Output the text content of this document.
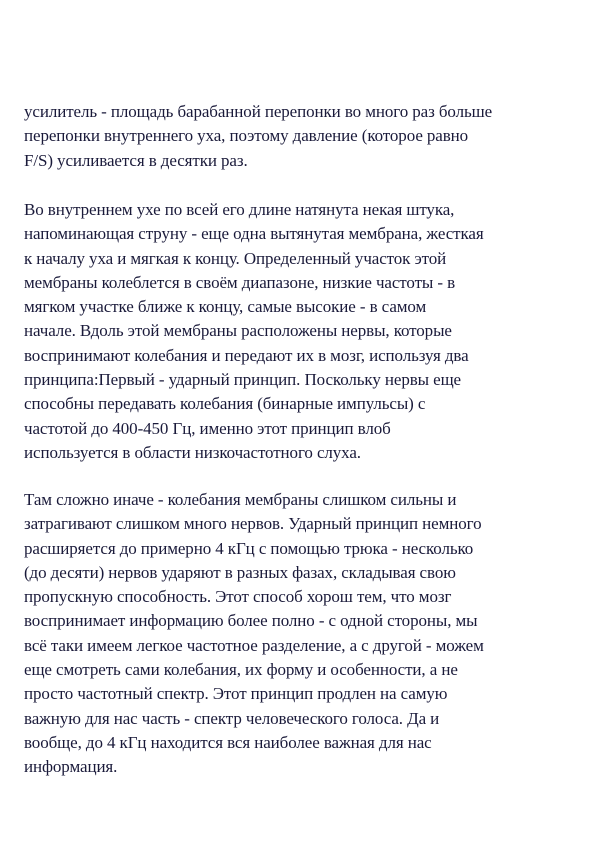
усилитель - площадь барабанной перепонки во много раз больше
перепонки внутреннего уха, поэтому давление (которое равно
F/S) усиливается в десятки раз.
Во внутреннем ухе по всей его длине натянута некая штука,
напоминающая струну - еще одна вытянутая мембрана, жесткая
к началу уха и мягкая к концу. Определенный участок этой
мембраны колеблется в своём диапазоне, низкие частоты - в
мягком участке ближе к концу, самые высокие - в самом
начале. Вдоль этой мембраны расположены нервы, которые
воспринимают колебания и передают их в мозг, используя два
принципа:Первый - ударный принцип. Поскольку нервы еще
способны передавать колебания (бинарные импульсы) с
частотой до 400-450 Гц, именно этот принцип влоб
используется в области низкочастотного слуха.
Там сложно иначе - колебания мембраны слишком сильны и
затрагивают слишком много нервов. Ударный принцип немного
расширяется до примерно 4 кГц с помощью трюка - несколько
(до десяти) нервов ударяют в разных фазах, складывая свою
пропускную способность. Этот способ хорош тем, что мозг
воспринимает информацию более полно - с одной стороны, мы
всё таки имеем легкое частотное разделение, а с другой - можем
еще смотреть сами колебания, их форму и особенности, а не
просто частотный спектр. Этот принцип продлен на самую
важную для нас часть - спектр человеческого голоса. Да и
вообще, до 4 кГц находится вся наиболее важная для нас
информация.
